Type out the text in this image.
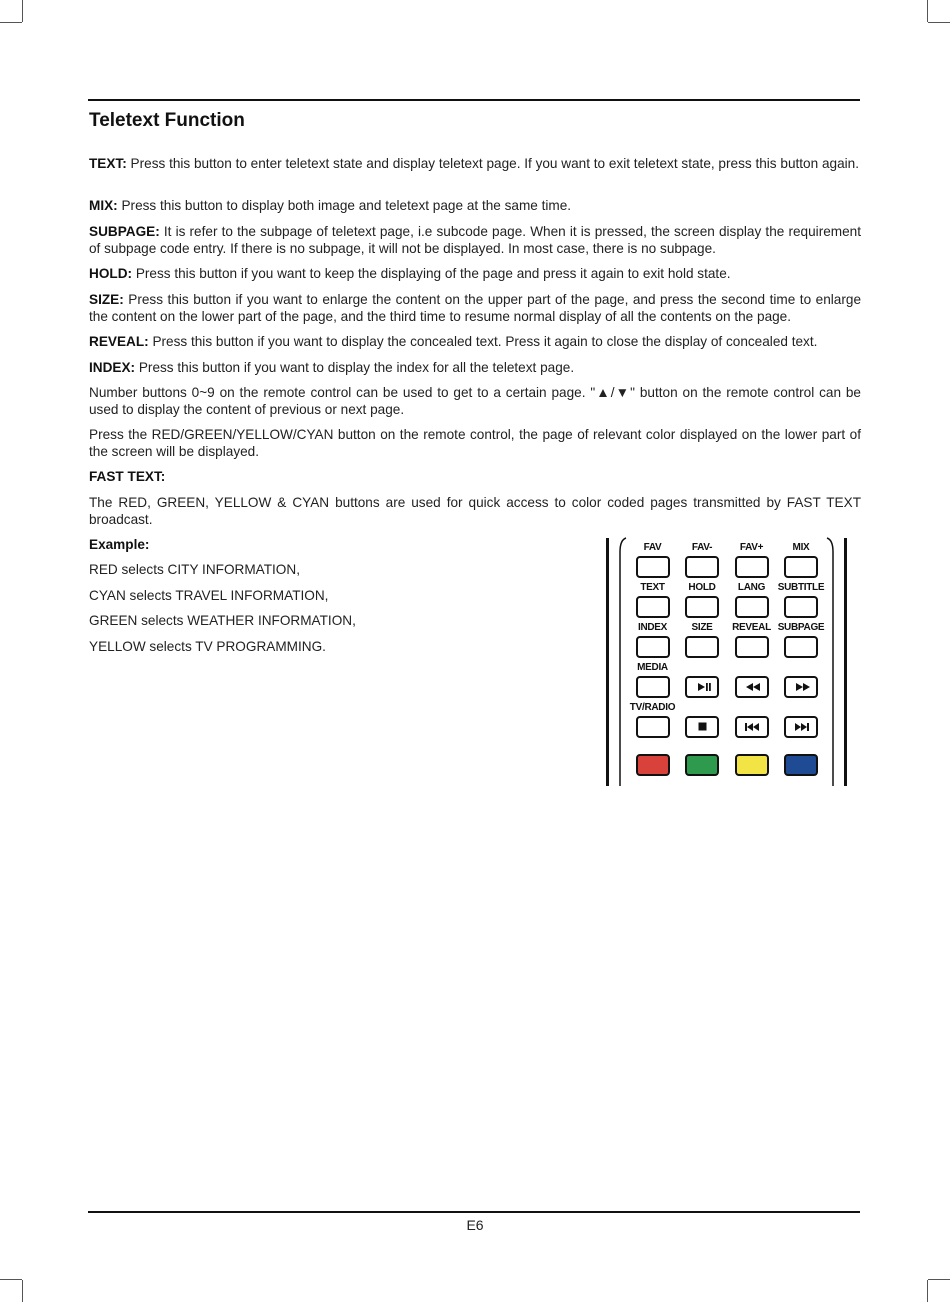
Teletext Function
TEXT: Press this button to enter teletext state and display teletext page. If you want to exit teletext state, press this button again.
MIX: Press this button to display both image and teletext page at the same time.
SUBPAGE: It is refer to the subpage of teletext page, i.e subcode page. When it is pressed, the screen display the requirement of subpage code entry. If there is no subpage, it will not be displayed. In most case, there is no subpage.
HOLD: Press this button if you want to keep the displaying of the page and press it again to exit hold state.
SIZE: Press this button if you want to enlarge the content on the upper part of the page, and press the second time to enlarge the content on the lower part of the page, and the third time to resume normal display of all the contents on the page.
REVEAL: Press this button if you want to display the concealed text. Press it again to close the display of concealed text.
INDEX: Press this button if you want to display the index for all the teletext page.
Number buttons 0~9 on the remote control can be used to get to a certain page. "▲/▼" button on the remote control can be used to display the content of previous or next page.
Press the RED/GREEN/YELLOW/CYAN button on the remote control, the page of relevant color displayed on the lower part of the screen will be displayed.
FAST TEXT:
The RED, GREEN, YELLOW & CYAN buttons are used for quick access to color coded pages transmitted by FAST TEXT broadcast.
Example:
RED selects CITY INFORMATION,
CYAN selects TRAVEL INFORMATION,
GREEN selects WEATHER INFORMATION,
YELLOW selects TV PROGRAMMING.
FAV	FAV-	FAV+	MIX
TEXT	HOLD	LANG	SUBTITLE
INDEX	SIZE	REVEAL SUBPAGE
MEDIA
TV/RADIO
E6
